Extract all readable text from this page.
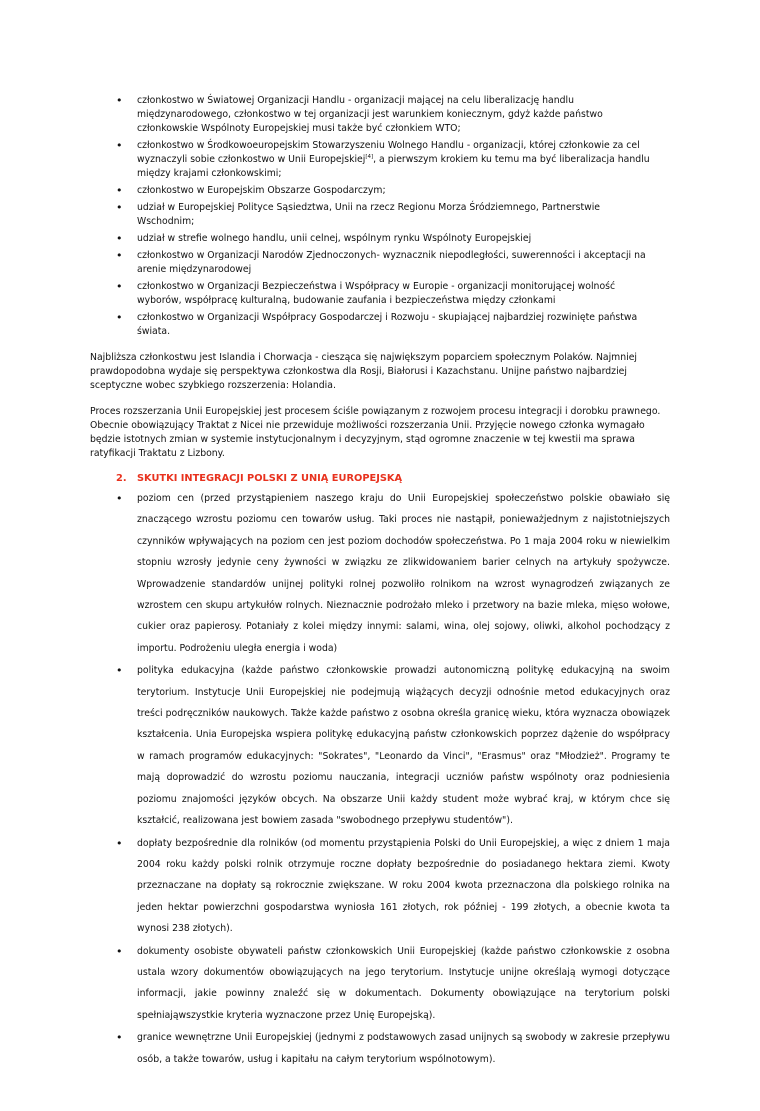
• członkostwo w Światowej Organizacji Handlu - organizacji mającej na celu liberalizację handlu międzynarodowego, członkostwo w tej organizacji jest warunkiem koniecznym, gdyż każde państwo członkowskie Wspólnoty Europejskiej musi także być członkiem WTO;
• członkostwo w Środkowoeuropejskim Stowarzyszeniu Wolnego Handlu - organizacji, której członkowie za cel wyznaczyli sobie członkostwo w Unii Europejskiej[4], a pierwszym krokiem ku temu ma być liberalizacja handlu między krajami członkowskimi;
• członkostwo w Europejskim Obszarze Gospodarczym;
• udział w Europejskiej Polityce Sąsiedztwa, Unii na rzecz Regionu Morza Śródziemnego, Partnerstwie Wschodnim;
• udział w strefie wolnego handlu, unii celnej, wspólnym rynku Wspólnoty Europejskiej
• członkostwo w Organizacji Narodów Zjednoczonych- wyznacznik niepodległości, suwerenności i akceptacji na arenie międzynarodowej
• członkostwo w Organizacji Bezpieczeństwa i Współpracy w Europie - organizacji monitorującej wolność wyborów, współpracę kulturalną, budowanie zaufania i bezpieczeństwa między członkami
• członkostwo w Organizacji Współpracy Gospodarczej i Rozwoju - skupiającej najbardziej rozwinięte państwa świata.

Najbliższa członkostwu jest Islandia i Chorwacja - ciesząca się największym poparciem społecznym Polaków. Najmniej prawdopodobna wydaje się perspektywa członkostwa dla Rosji, Białorusi i Kazachstanu. Unijne państwo najbardziej sceptyczne wobec szybkiego rozszerzenia: Holandia.

Proces rozszerzania Unii Europejskiej jest procesem ściśle powiązanym z rozwojem procesu integracji i dorobku prawnego. Obecnie obowiązujący Traktat z Nicei nie przewiduje możliwości rozszerzania Unii. Przyjęcie nowego członka wymagało będzie istotnych zmian w systemie instytucjonalnym i decyzyjnym, stąd ogromne znaczenie w tej kwestii ma sprawa ratyfikacji Traktatu z Lizbony.

2. SKUTKI INTEGRACJI POLSKI Z UNIĄ EUROPEJSKĄ
• poziom cen (przed przystąpieniem naszego kraju do Unii Europejskiej społeczeństwo polskie obawiało się znaczącego wzrostu poziomu cen towarów usług. Taki proces nie nastąpił, ponieważjednym z najistotniejszych czynników wpływających na poziom cen jest poziom dochodów społeczeństwa. Po 1 maja 2004 roku w niewielkim stopniu wzrosły jedynie ceny żywności w związku ze zlikwidowaniem barier celnych na artykuły spożywcze. Wprowadzenie standardów unijnej polityki rolnej pozwoliło rolnikom na wzrost wynagrodzeń związanych ze wzrostem cen skupu artykułów rolnych. Nieznacznie podrożało mleko i przetwory na bazie mleka, mięso wołowe, cukier oraz papierosy. Potaniały z kolei między innymi: salami, wina, olej sojowy, oliwki, alkohol pochodzący z importu. Podrożeniu uległa energia i woda)
• polityka edukacyjna (każde państwo członkowskie prowadzi autonomiczną politykę edukacyjną na swoim terytorium. Instytucje Unii Europejskiej nie podejmują wiążących decyzji odnośnie metod edukacyjnych oraz treści podręczników naukowych. Także każde państwo z osobna określa granicę wieku, która wyznacza obowiązek kształcenia. Unia Europejska wspiera politykę edukacyjną państw członkowskich poprzez dążenie do współpracy w ramach programów edukacyjnych: "Sokrates", "Leonardo da Vinci", "Erasmus" oraz "Młodzież". Programy te mają doprowadzić do wzrostu poziomu nauczania, integracji uczniów państw wspólnoty oraz podniesienia poziomu znajomości języków obcych. Na obszarze Unii każdy student może wybrać kraj, w którym chce się kształcić, realizowana jest bowiem zasada "swobodnego przepływu studentów").
• dopłaty bezpośrednie dla rolników (od momentu przystąpienia Polski do Unii Europejskiej, a więc z dniem 1 maja 2004 roku każdy polski rolnik otrzymuje roczne dopłaty bezpośrednie do posiadanego hektara ziemi. Kwoty przeznaczane na dopłaty są rokrocznie zwiększane. W roku 2004 kwota przeznaczona dla polskiego rolnika na jeden hektar powierzchni gospodarstwa wyniosła 161 złotych, rok później - 199 złotych, a obecnie kwota ta wynosi 238 złotych).
• dokumenty osobiste obywateli państw członkowskich Unii Europejskiej (każde państwo członkowskie z osobna ustala wzory dokumentów obowiązujących na jego terytorium. Instytucje unijne określają wymogi dotyczące informacji, jakie powinny znaleźć się w dokumentach. Dokumenty obowiązujące na terytorium polski spełniająwszystkie kryteria wyznaczone przez Unię Europejską).
• granice wewnętrzne Unii Europejskiej (jednymi z podstawowych zasad unijnych są swobody w zakresie przepływu osób, a także towarów, usług i kapitału na całym terytorium wspólnotowym).
